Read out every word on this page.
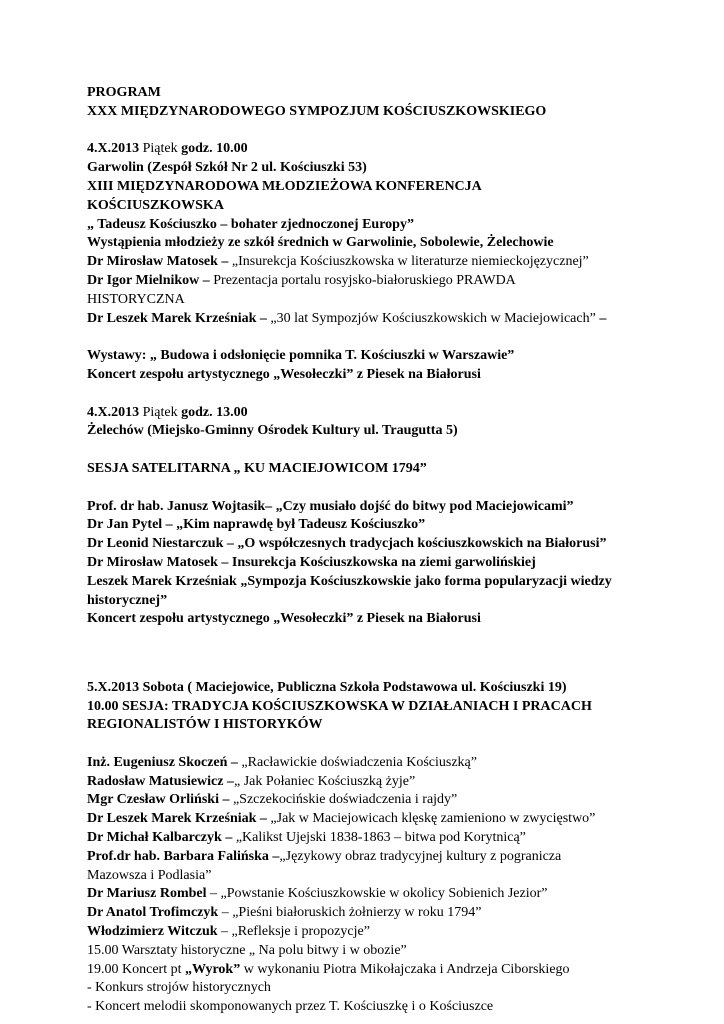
PROGRAM
XXX MIĘDZYNARODOWEGO SYMPOZJUM KOŚCIUSZKOWSKIEGO
4.X.2013 Piątek godz. 10.00
Garwolin (Zespół Szkół Nr 2 ul. Kościuszki 53)
XIII MIĘDZYNARODOWA MŁODZIEŻOWA KONFERENCJA
KOŚCIUSZKOWSKA
„ Tadeusz Kościuszko – bohater zjednoczonej Europy”
Wystąpienia młodzieży ze szkół średnich w Garwolinie, Sobolewie, Żelechowie
Dr Mirosław Matosek – „Insurekcja Kościuszkowska w literaturze niemieckojęzycznej”
Dr Igor Mielnikow – Prezentacja portalu rosyjsko-białoruskiego PRAWDA
HISTORYCZNA
Dr Leszek Marek Krześniak – „30 lat Sympozjów Kościuszkowskich w Maciejowicach” –
Wystawy: „ Budowa i odsłonięcie pomnika T. Kościuszki w Warszawie”
Koncert zespołu artystycznego „Wesołeczki” z Piesek na Białorusi
4.X.2013 Piątek godz. 13.00
Żelechów (Miejsko-Gminny Ośrodek Kultury ul. Traugutta 5)
SESJA SATELITARNA „ KU MACIEJOWICOM 1794”
Prof. dr hab. Janusz Wojtasik– „Czy musiało dojść do bitwy pod Maciejowicami”
Dr Jan Pytel – „Kim naprawdę był Tadeusz Kościuszko”
Dr Leonid Niestarczuk – „O współczesnych tradycjach kościuszkowskich na Białorusi”
Dr Mirosław Matosek – Insurekcja Kościuszkowska na ziemi garwolińskiej
Leszek Marek Krześniak „Sympozja Kościuszkowskie jako forma popularyzacji wiedzy
historycznej”
Koncert zespołu artystycznego „Wesołeczki” z Piesek na Białorusi
5.X.2013 Sobota ( Maciejowice, Publiczna Szkoła Podstawowa ul. Kościuszki 19)
10.00 SESJA: TRADYCJA KOŚCIUSZKOWSKA W DZIAŁANIACH I PRACACH
REGIONALISTÓW I HISTORYKÓW
Inż. Eugeniusz Skoczeń – „Racławickie doświadczenia Kościuszką”
Radosław Matusiewicz –„ Jak Połaniec Kościuszką żyje”
Mgr Czesław Orliński – „Szczekocińskie doświadczenia i rajdy”
Dr Leszek Marek Krześniak – „Jak w Maciejowicach klęskę zamieniono w zwycięstwo”
Dr Michał Kalbarczyk – „Kalikst Ujejski 1838-1863 – bitwa pod Korytnicą”
Prof.dr hab. Barbara Falińska –„Językowy obraz tradycyjnej kultury z pogranicza
Mazowsza i Podlasia”
Dr Mariusz Rombel – „Powstanie Kościuszkowskie w okolicy Sobienich Jezior”
Dr Anatol Trofimczyk – „Pieśni białoruskich żołnierzy w roku 1794”
Włodzimierz Witczuk – „Refleksje i propozycje”
15.00 Warsztaty historyczne „ Na polu bitwy i w obozie”
19.00 Koncert pt „Wyrok” w wykonaniu Piotra Mikołajczaka i Andrzeja Ciborskiego
- Konkurs strojów historycznych
- Koncert melodii skomponowanych przez T. Kościuszkę i o Kościuszce
